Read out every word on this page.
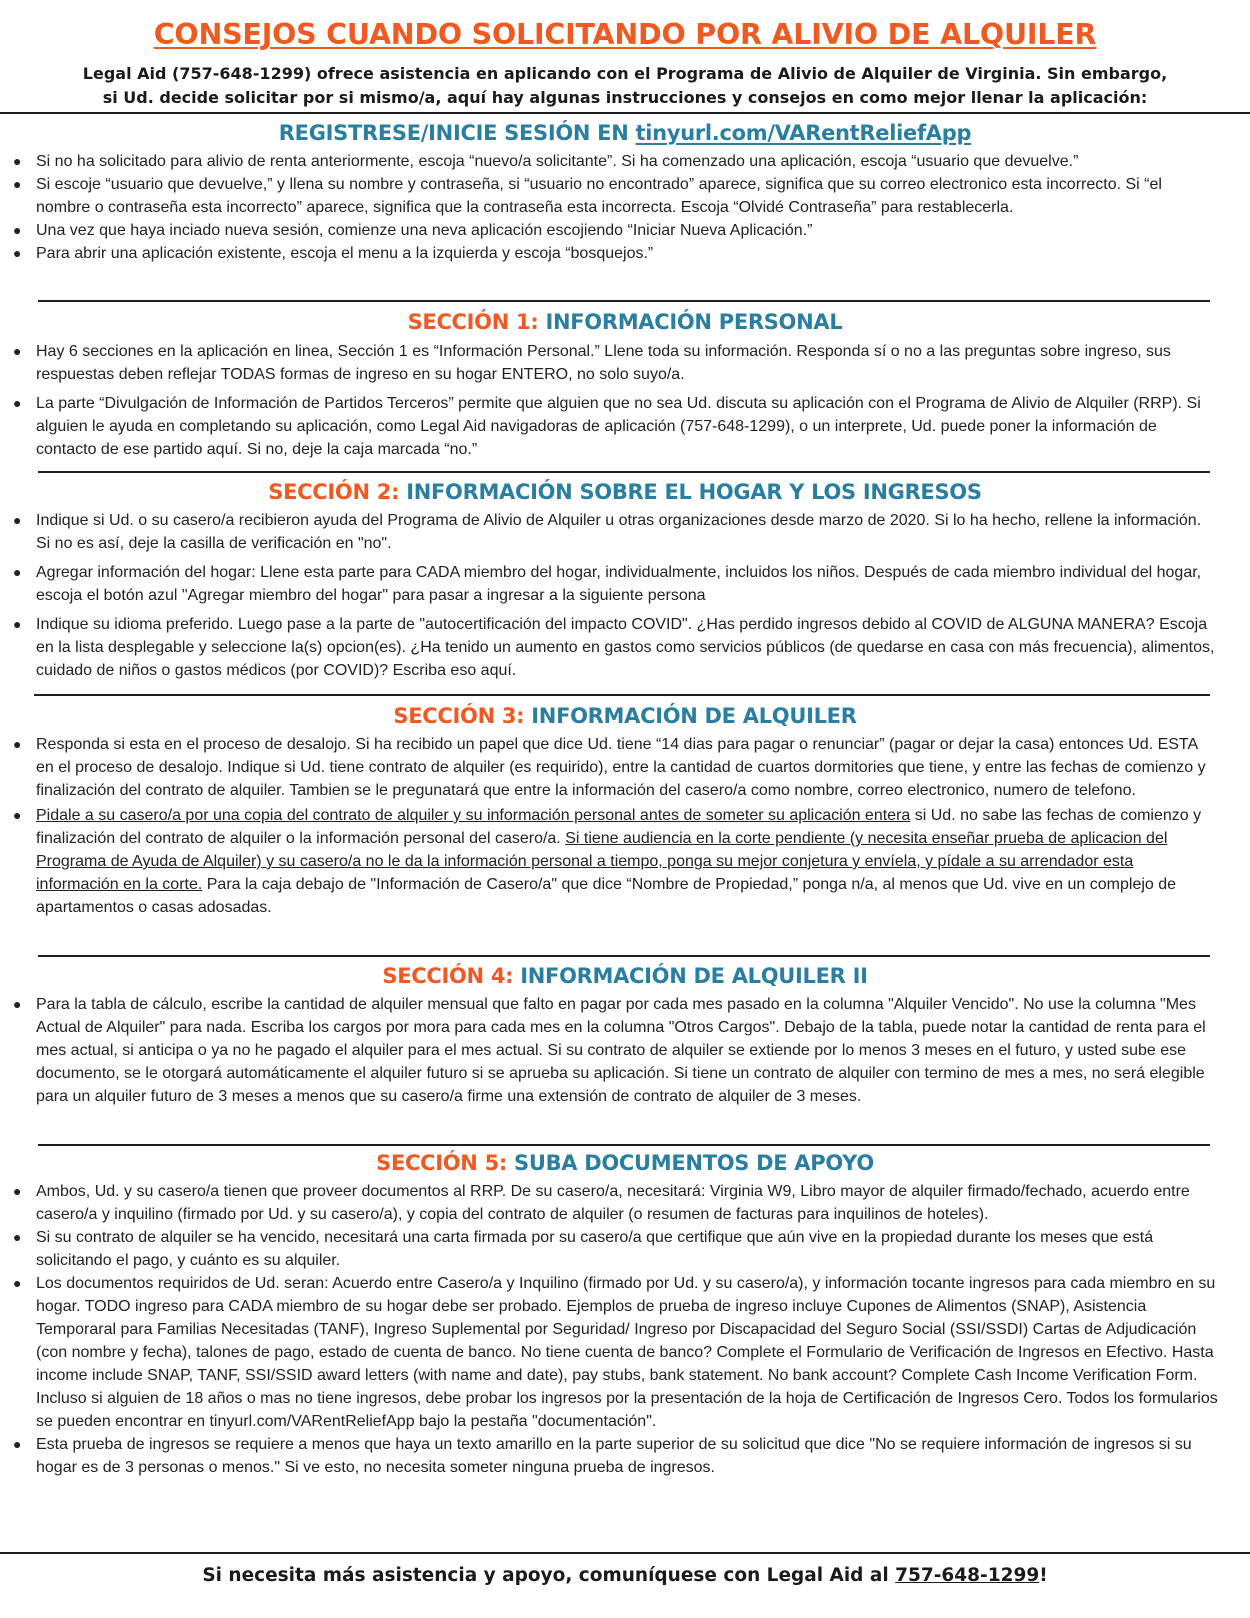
CONSEJOS CUANDO SOLICITANDO POR ALIVIO DE ALQUILER
Legal Aid (757-648-1299) ofrece asistencia en aplicando con el Programa de Alivio de Alquiler de Virginia. Sin embargo,
si Ud. decide solicitar por si mismo/a, aquí hay algunas instrucciones y consejos en como mejor llenar la aplicación:
REGISTRESE/INICIE SESIÓN EN tinyurl.com/VARentReliefApp
● Si no ha solicitado para alivio de renta anteriormente, escoja “nuevo/a solicitante”. Si ha comenzado una aplicación, escoja “usuario que devuelve.”
● Si escoje “usuario que devuelve,” y llena su nombre y contraseña, si “usuario no encontrado” aparece, significa que su correo electronico esta incorrecto. Si “el nombre o contraseña esta incorrecto” aparece, significa que la contraseña esta incorrecta. Escoja “Olvidé Contraseña” para restablecerla.
● Una vez que haya inciado nueva sesión, comienze una neva aplicación escojiendo “Iniciar Nueva Aplicación.”
● Para abrir una aplicación existente, escoja el menu a la izquierda y escoja “bosquejos.”
SECCIÓN 1: INFORMACIÓN PERSONAL
● Hay 6 secciones en la aplicación en linea, Sección 1 es “Información Personal.” Llene toda su información. Responda sí o no a las preguntas sobre ingreso, sus respuestas deben reflejar TODAS formas de ingreso en su hogar ENTERO, no solo suyo/a.
● La parte “Divulgación de Información de Partidos Terceros” permite que alguien que no sea Ud. discuta su aplicación con el Programa de Alivio de Alquiler (RRP). Si alguien le ayuda en completando su aplicación, como Legal Aid navigadoras de aplicación (757-648-1299), o un interprete, Ud. puede poner la información de contacto de ese partido aquí. Si no, deje la caja marcada “no.”
SECCIÓN 2: INFORMACIÓN SOBRE EL HOGAR Y LOS INGRESOS
● Indique si Ud. o su casero/a recibieron ayuda del Programa de Alivio de Alquiler u otras organizaciones desde marzo de 2020. Si lo ha hecho, rellene la información. Si no es así, deje la casilla de verificación en "no".
● Agregar información del hogar: Llene esta parte para CADA miembro del hogar, individualmente, incluidos los niños. Después de cada miembro individual del hogar, escoja el botón azul "Agregar miembro del hogar" para pasar a ingresar a la siguiente persona
● Indique su idioma preferido. Luego pase a la parte de "autocertificación del impacto COVID". ¿Has perdido ingresos debido al COVID de ALGUNA MANERA? Escoja en la lista desplegable y seleccione la(s) opcion(es). ¿Ha tenido un aumento en gastos como servicios públicos (de quedarse en casa con más frecuencia), alimentos, cuidado de niños o gastos médicos (por COVID)? Escriba eso aquí.
SECCIÓN 3: INFORMACIÓN DE ALQUILER
● Responda si esta en el proceso de desalojo. Si ha recibido un papel que dice Ud. tiene “14 dias para pagar o renunciar” (pagar or dejar la casa) entonces Ud. ESTA en el proceso de desalojo. Indique si Ud. tiene contrato de alquiler (es requirido), entre la cantidad de cuartos dormitories que tiene, y entre las fechas de comienzo y finalización del contrato de alquiler. Tambien se le pregunatará que entre la información del casero/a como nombre, correo electronico, numero de telefono.
● Pidale a su casero/a por una copia del contrato de alquiler y su información personal antes de someter su aplicación entera si Ud. no sabe las fechas de comienzo y finalización del contrato de alquiler o la información personal del casero/a. Si tiene audiencia en la corte pendiente (y necesita enseñar prueba de aplicacion del Programa de Ayuda de Alquiler) y su casero/a no le da la información personal a tiempo, ponga su mejor conjetura y envíela, y pídale a su arrendador esta información en la corte. Para la caja debajo de "Información de Casero/a" que dice “Nombre de Propiedad,” ponga n/a, al menos que Ud. vive en un complejo de apartamentos o casas adosadas.
SECCIÓN 4: INFORMACIÓN DE ALQUILER II
● Para la tabla de cálculo, escribe la cantidad de alquiler mensual que falto en pagar por cada mes pasado en la columna "Alquiler Vencido". No use la columna "Mes Actual de Alquiler" para nada. Escriba los cargos por mora para cada mes en la columna "Otros Cargos". Debajo de la tabla, puede notar la cantidad de renta para el mes actual, si anticipa o ya no he pagado el alquiler para el mes actual. Si su contrato de alquiler se extiende por lo menos 3 meses en el futuro, y usted sube ese documento, se le otorgará automáticamente el alquiler futuro si se aprueba su aplicación. Si tiene un contrato de alquiler con termino de mes a mes, no será elegible para un alquiler futuro de 3 meses a menos que su casero/a firme una extensión de contrato de alquiler de 3 meses.
SECCIÓN 5: SUBA DOCUMENTOS DE APOYO
● Ambos, Ud. y su casero/a tienen que proveer documentos al RRP. De su casero/a, necesitará: Virginia W9, Libro mayor de alquiler firmado/fechado, acuerdo entre casero/a y inquilino (firmado por Ud. y su casero/a), y copia del contrato de alquiler (o resumen de facturas para inquilinos de hoteles).
● Si su contrato de alquiler se ha vencido, necesitará una carta firmada por su casero/a que certifique que aún vive en la propiedad durante los meses que está solicitando el pago, y cuánto es su alquiler.
● Los documentos requiridos de Ud. seran: Acuerdo entre Casero/a y Inquilino (firmado por Ud. y su casero/a), y información tocante ingresos para cada miembro en su hogar. TODO ingreso para CADA miembro de su hogar debe ser probado. Ejemplos de prueba de ingreso incluye Cupones de Alimentos (SNAP), Asistencia Temporaral para Familias Necesitadas (TANF), Ingreso Suplemental por Seguridad/ Ingreso por Discapacidad del Seguro Social (SSI/SSDI) Cartas de Adjudicación (con nombre y fecha), talones de pago, estado de cuenta de banco. No tiene cuenta de banco? Complete el Formulario de Verificación de Ingresos en Efectivo. Hasta income include SNAP, TANF, SSI/SSID award letters (with name and date), pay stubs, bank statement. No bank account? Complete Cash Income Verification Form. Incluso si alguien de 18 años o mas no tiene ingresos, debe probar los ingresos por la presentación de la hoja de Certificación de Ingresos Cero. Todos los formularios se pueden encontrar en tinyurl.com/VARentReliefApp bajo la pestaña "documentación".
● Esta prueba de ingresos se requiere a menos que haya un texto amarillo en la parte superior de su solicitud que dice "No se requiere información de ingresos si su hogar es de 3 personas o menos." Si ve esto, no necesita someter ninguna prueba de ingresos.
Si necesita más asistencia y apoyo, comuníquese con Legal Aid al 757-648-1299!
